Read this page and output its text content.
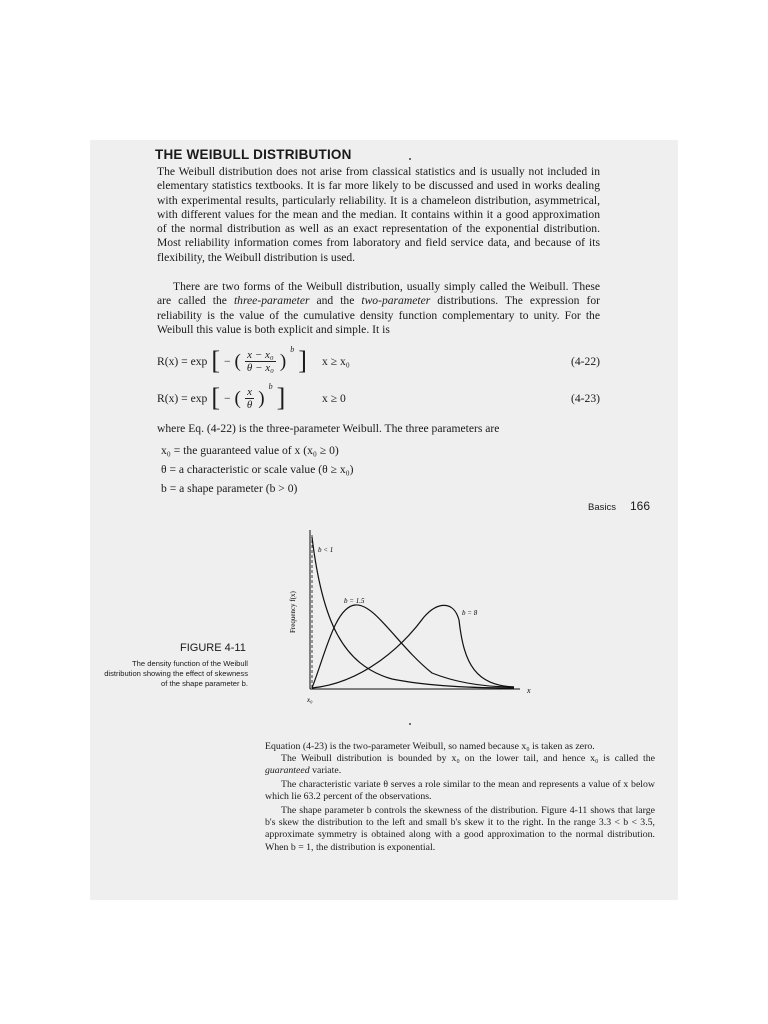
THE WEIBULL DISTRIBUTION

The Weibull distribution does not arise from classical statistics and is usually not included in elementary statistics textbooks. It is far more likely to be discussed and used in works dealing with experimental results, particularly reliability. It is a chameleon distribution, asymmetrical, with different values for the mean and the median. It contains within it a good approximation of the normal distribution as well as an exact representation of the exponential distribution. Most reliability information comes from laboratory and field service data, and because of its flexibility, the Weibull distribution is used.

There are two forms of the Weibull distribution, usually simply called the Weibull. These are called the three-parameter and the two-parameter distributions. The expression for reliability is the value of the cumulative density function complementary to unity. For the Weibull this value is both explicit and simple. It is

R(x) = exp [ − ( $\frac{\text{x − x₀}}{\text{θ − x₀}}$ )
b ] x ≥ x₀	(4-22)
R(x) = exp [ − ( $\frac{x}{\theta}$ )
b ]	x ≥ 0	(4-23)

where Eq. (4-22) is the three-parameter Weibull. The three parameters are

x₀ = the guaranteed value of x (x₀ ≥ 0)
θ = a characteristic or scale value (θ ≥ x₀)
b = a shape parameter (b > 0)
Basics 166
FIGURE 4-11
The density function of the Weibull distribution showing the effect of skewness of the shape parameter b.
b < 1
b = 1.5
b = 8
x
x₀
Frequency f(x)

Equation (4-23) is the two-parameter Weibull, so named because x₀ is taken as zero.

The Weibull distribution is bounded by x₀ on the lower tail, and hence x₀ is called the guaranteed variate.

The characteristic variate θ serves a role similar to the mean and represents a value of x below which lie 63.2 percent of the observations.

The shape parameter b controls the skewness of the distribution. Figure 4-11 shows that large b's skew the distribution to the left and small b's skew it to the right. In the range 3.3 < b < 3.5, approximate symmetry is obtained along with a good approximation to the normal distribution. When b = 1, the distribution is exponential.
